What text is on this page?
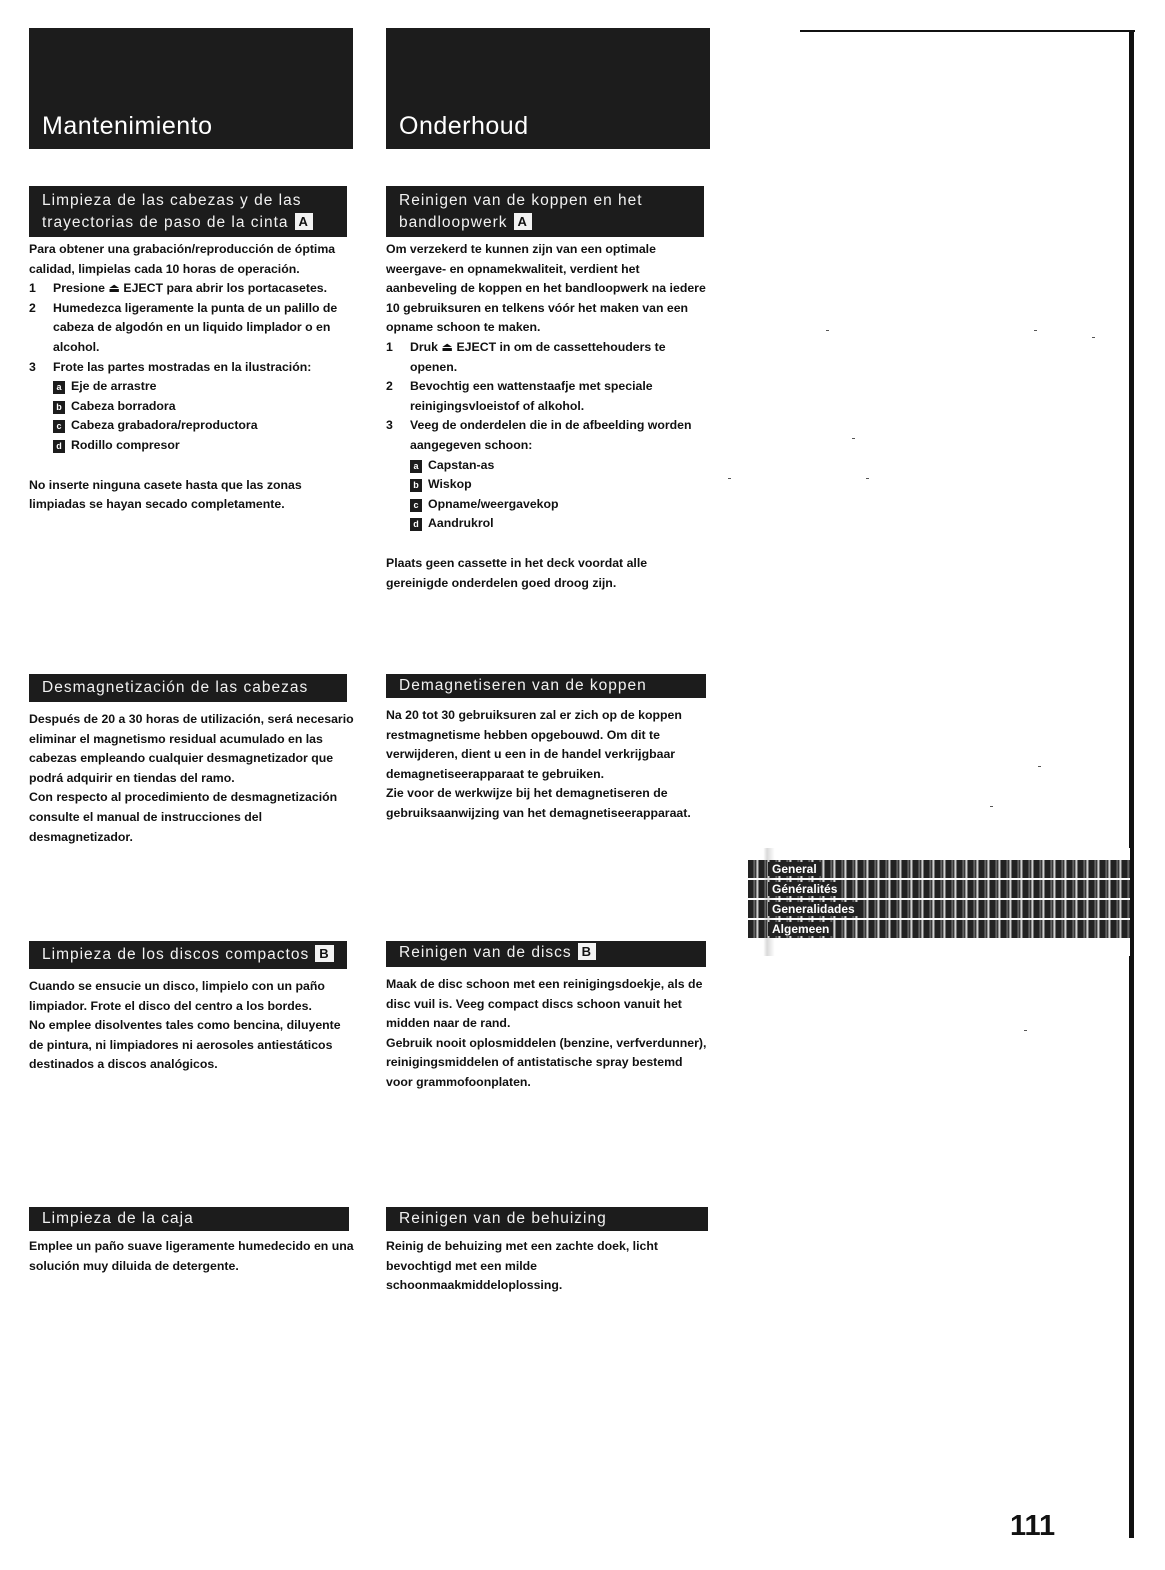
Mantenimiento	Onderhoud
Limpieza de las cabezas y de las trayectorias de paso de la cinta A

Para obtener una grabación/reproducción de óptima calidad, limpielas cada 10 horas de operación.

1 Presione ⏏ EJECT para abrir los portacasetes.
2 Humedezca ligeramente la punta de un palillo de cabeza de algodón en un liquido limplador o en alcohol.
3 Frote las partes mostradas en la ilustración:
a Eje de arrastre
b Cabeza borradora
c Cabeza grabadora/reproductora
d Rodillo compresor

No inserte ninguna casete hasta que las zonas limpiadas se hayan secado completamente.

Desmagnetización de las cabezas

Después de 20 a 30 horas de utilización, será necesario eliminar el magnetismo residual acumulado en las cabezas empleando cualquier desmagnetizador que podrá adquirir en tiendas del ramo.

Con respecto al procedimiento de desmagnetización consulte el manual de instrucciones del desmagnetizador.

Limpieza de los discos compactos B

Cuando se ensucie un disco, limpielo con un paño limpiador. Frote el disco del centro a los bordes.

No emplee disolventes tales como bencina, diluyente de pintura, ni limpiadores ni aerosoles antiestáticos destinados a discos analógicos.

Limpieza de la caja

Emplee un paño suave ligeramente humedecido en una solución muy diluida de detergente.

Reinigen van de koppen en het bandloopwerk A

Om verzekerd te kunnen zijn van een optimale weergave- en opnamekwaliteit, verdient het aanbeveling de koppen en het bandloopwerk na iedere 10 gebruiksuren en telkens vóór het maken van een opname schoon te maken.

1 Druk ⏏ EJECT in om de cassettehouders te openen.
2 Bevochtig een wattenstaafje met speciale reinigingsvloeistof of alkohol.
3 Veeg de onderdelen die in de afbeelding worden aangegeven schoon:
a Capstan-as
b Wiskop
c Opname/weergavekop
d Aandrukrol

Plaats geen cassette in het deck voordat alle gereinigde onderdelen goed droog zijn.

Demagnetiseren van de koppen

Na 20 tot 30 gebruiksuren zal er zich op de koppen restmagnetisme hebben opgebouwd. Om dit te verwijderen, dient u een in de handel verkrijgbaar demagnetiseerapparaat te gebruiken.

Zie voor de werkwijze bij het demagnetiseren de gebruiksaanwijzing van het demagnetiseerapparaat.

Reinigen van de discs B

Maak de disc schoon met een reinigingsdoekje, als de disc vuil is. Veeg compact discs schoon vanuit het midden naar de rand.

Gebruik nooit oplosmiddelen (benzine, verfverdunner), reinigingsmiddelen of antistatische spray bestemd voor grammofoonplaten.

Reinigen van de behuizing

Reinig de behuizing met een zachte doek, licht bevochtigd met een milde schoonmaakmiddeloplossing.

General
Généralités
Generalidades
Algemeen
111
